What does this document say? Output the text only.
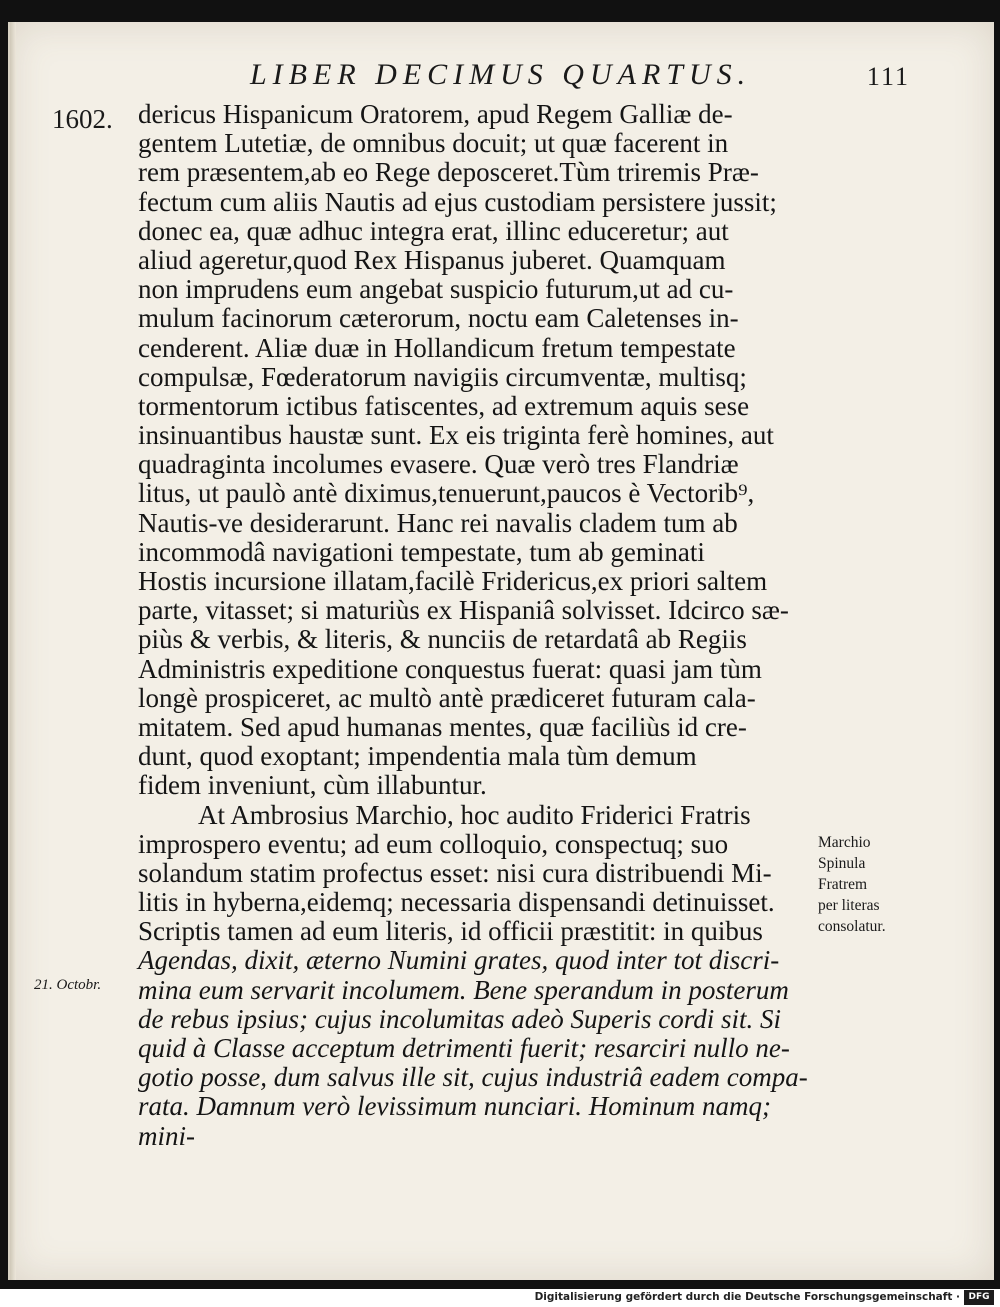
LIBER DECIMUS QUARTUS.	111
1602. dericus Hispanicum Oratorem, apud Regem Galliæ de-
gentem Lutetiæ, de omnibus docuit; ut quæ facerent in
rem præsentem,ab eo Rege deposceret.Tùm triremis Præ-
fectum cum aliis Nautis ad ejus custodiam persistere jussit;
donec ea, quæ adhuc integra erat, illinc educeretur; aut
aliud ageretur,quod Rex Hispanus juberet. Quamquam
non imprudens eum angebat suspicio futurum,ut ad cu-
mulum facinorum cæterorum, noctu eam Caletenses in-
cenderent. Aliæ duæ in Hollandicum fretum tempestate
compulsæ, Fœderatorum navigiis circumventæ, multisq;
tormentorum ictibus fatiscentes, ad extremum aquis sese
insinuantibus haustæ sunt. Ex eis triginta ferè homines, aut
quadraginta incolumes evasere. Quæ verò tres Flandriæ
litus, ut paulò antè diximus,tenuerunt,paucos è Vectorib⁹,
Nautis-ve desiderarunt. Hanc rei navalis cladem tum ab
incommodâ navigationi tempestate, tum ab geminati
Hostis incursione illatam,facilè Fridericus,ex priori saltem
parte, vitasset; si maturiùs ex Hispaniâ solvisset. Idcirco sæ-
piùs & verbis, & literis, & nunciis de retardatâ ab Regiis
Administris expeditione conquestus fuerat: quasi jam tùm
longè prospiceret, ac multò antè prædiceret futuram cala-
mitatem. Sed apud humanas mentes, quæ faciliùs id cre-
dunt, quod exoptant; impendentia mala tùm demum
fidem inveniunt, cùm illabuntur.
At Ambrosius Marchio, hoc audito Friderici Fratris
improspero eventu; ad eum colloquio, conspectuq; suo
solandum statim profectus esset: nisi cura distribuendi Mi-
litis in hyberna,eidemq; necessaria dispensandi detinuisset.
Scriptis tamen ad eum literis, id officii præstitit: in quibus
Agendas, dixit, æterno Numini grates, quod inter tot discri-
mina eum servarit incolumem. Bene sperandum in posterum
de rebus ipsius; cujus incolumitas adeò Superis cordi sit. Si
quid à Classe acceptum detrimenti fuerit; resarciri nullo ne-
gotio posse, dum salvus ille sit, cujus industriâ eadem compa-
rata. Damnum verò levissimum nunciari. Hominum namq;
mini-
Marchio
Spinula
Fratrem
per literas
consolatur.
21. Octobr.
Digitalisierung gefördert durch die Deutsche Forschungsgemeinschaft · DFG
